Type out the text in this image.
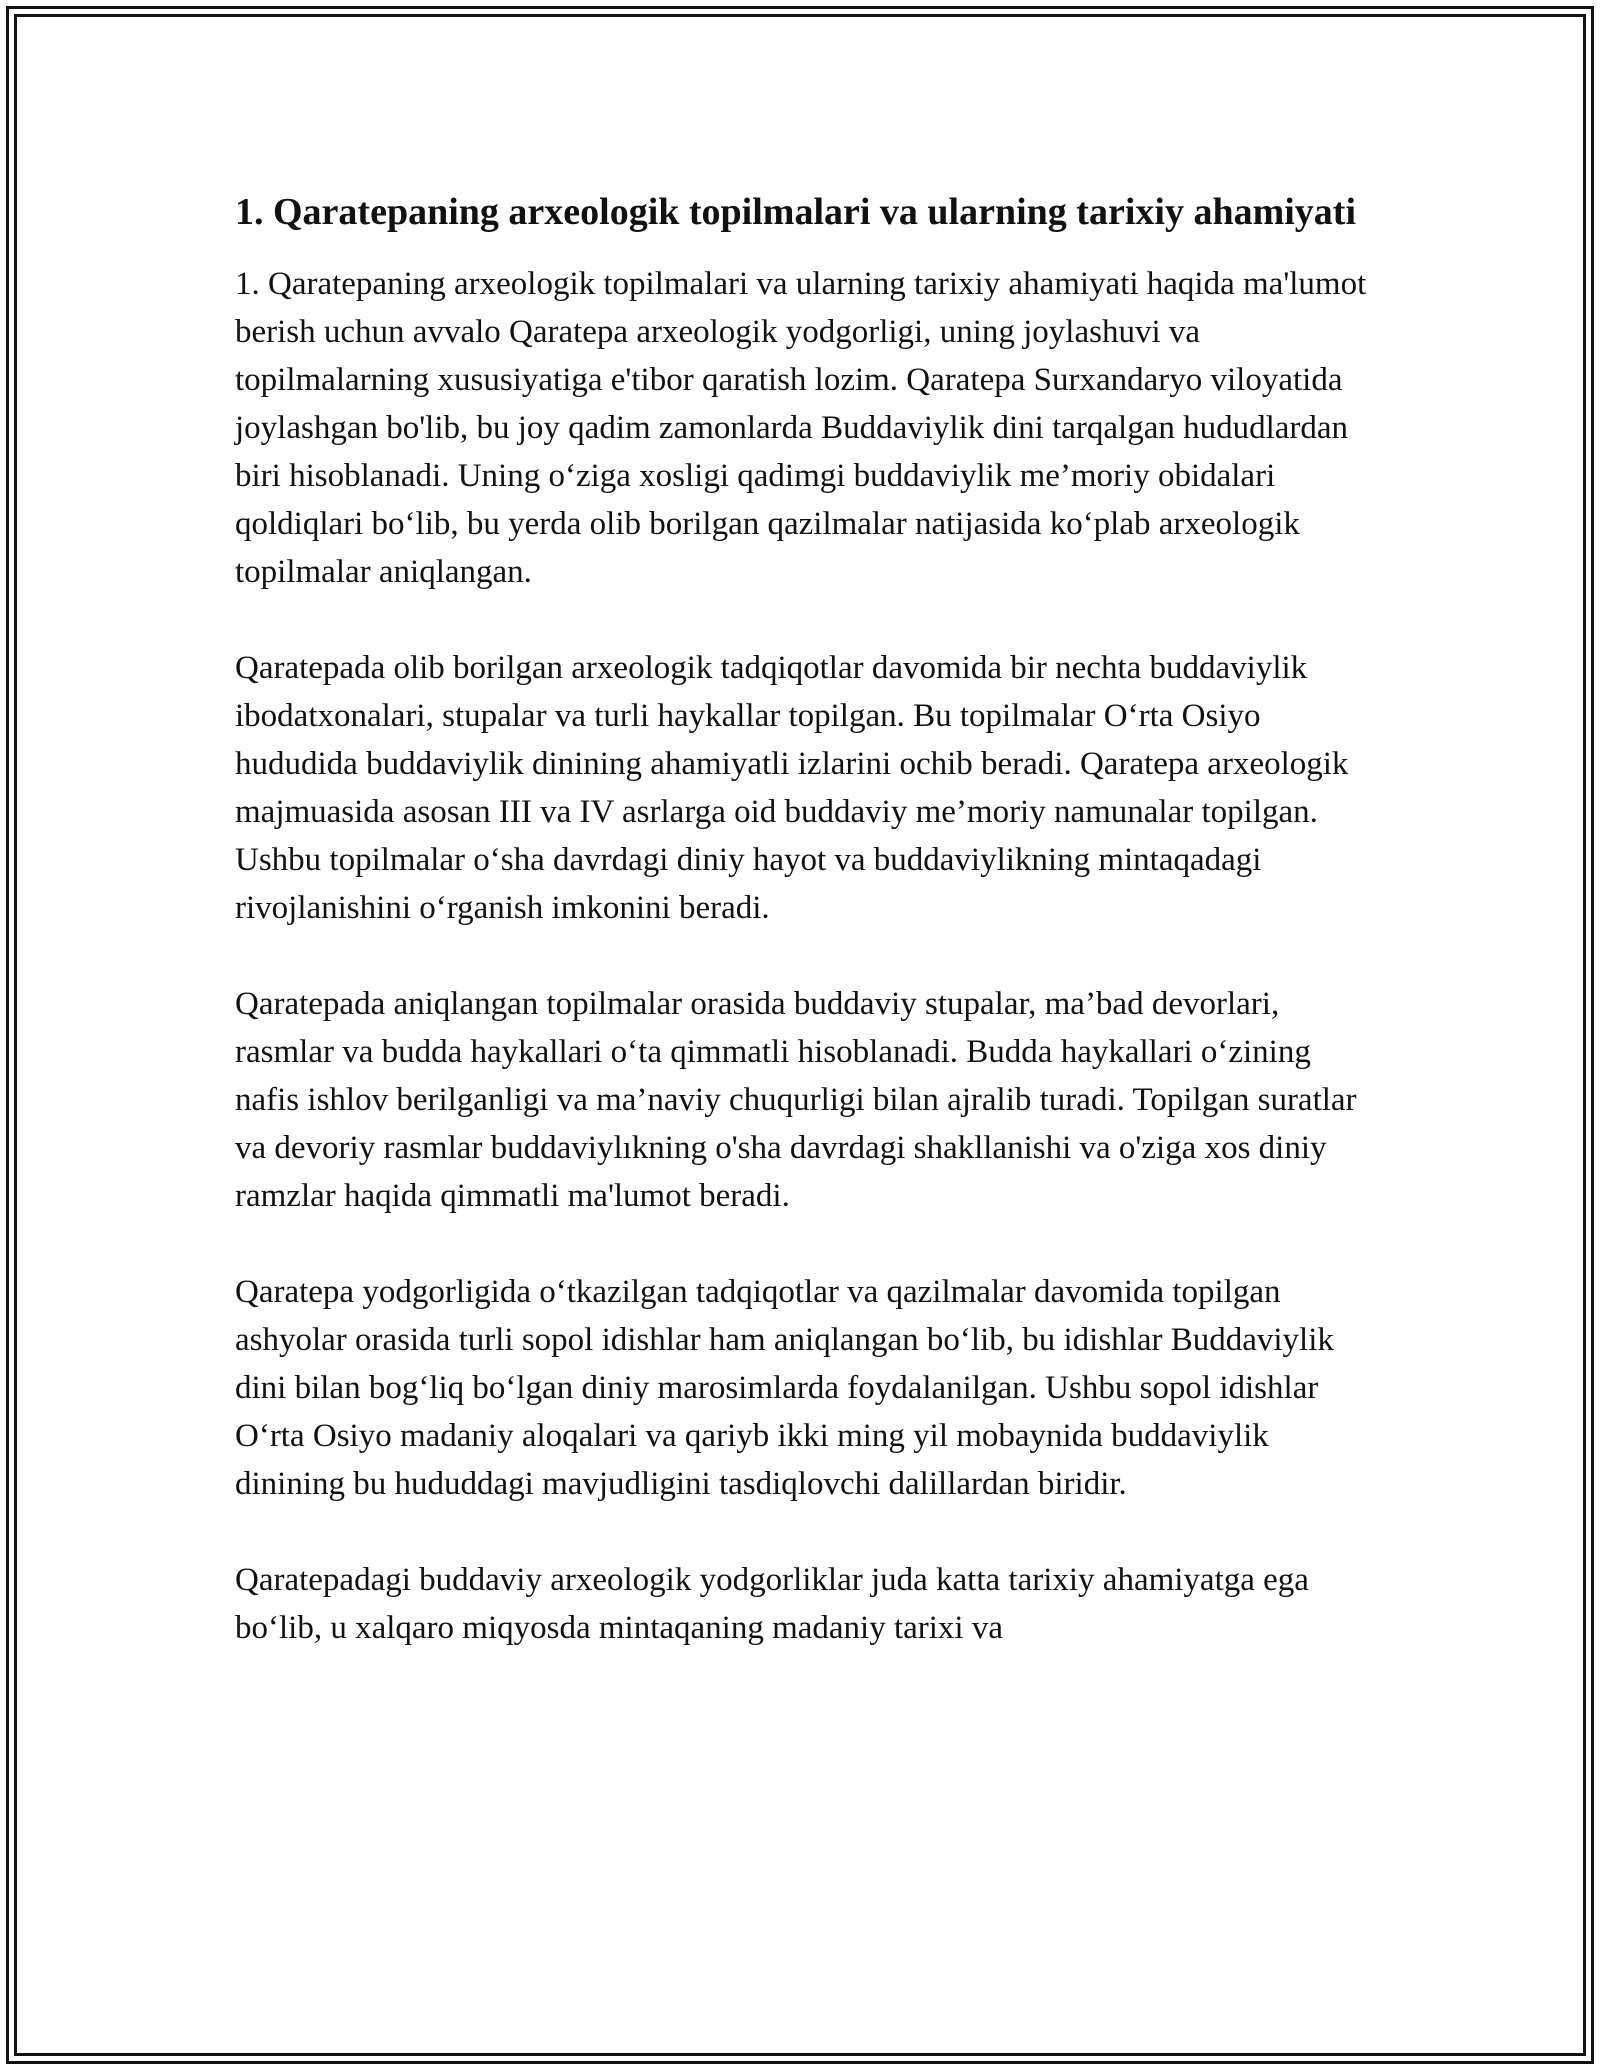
1. Qaratepaning arxeologik topilmalari va ularning tarixiy ahamiyati

1. Qaratepaning arxeologik topilmalari va ularning tarixiy ahamiyati haqida ma'lumot berish uchun avvalo Qaratepa arxeologik yodgorligi, uning joylashuvi va topilmalarning xususiyatiga e'tibor qaratish lozim. Qaratepa Surxandaryo viloyatida joylashgan bo'lib, bu joy qadim zamonlarda Buddaviylik dini tarqalgan hududlardan biri hisoblanadi. Uning o‘ziga xosligi qadimgi buddaviylik me’moriy obidalari qoldiqlari bo‘lib, bu yerda olib borilgan qazilmalar natijasida ko‘plab arxeologik topilmalar aniqlangan.

Qaratepada olib borilgan arxeologik tadqiqotlar davomida bir nechta buddaviylik ibodatxonalari, stupalar va turli haykallar topilgan. Bu topilmalar O‘rta Osiyo hududida buddaviylik dinining ahamiyatli izlarini ochib beradi. Qaratepa arxeologik majmuasida asosan III va IV asrlarga oid buddaviy me’moriy namunalar topilgan. Ushbu topilmalar o‘sha davrdagi diniy hayot va buddaviylikning mintaqadagi rivojlanishini o‘rganish imkonini beradi.

Qaratepada aniqlangan topilmalar orasida buddaviy stupalar, ma’bad devorlari, rasmlar va budda haykallari o‘ta qimmatli hisoblanadi. Budda haykallari o‘zining nafis ishlov berilganligi va ma’naviy chuqurligi bilan ajralib turadi. Topilgan suratlar va devoriy rasmlar buddaviylıkning o'sha davrdagi shakllanishi va o'ziga xos diniy ramzlar haqida qimmatli ma'lumot beradi.

Qaratepa yodgorligida o‘tkazilgan tadqiqotlar va qazilmalar davomida topilgan ashyolar orasida turli sopol idishlar ham aniqlangan bo‘lib, bu idishlar Buddaviylik dini bilan bog‘liq bo‘lgan diniy marosimlarda foydalanilgan. Ushbu sopol idishlar O‘rta Osiyo madaniy aloqalari va qariyb ikki ming yil mobaynida buddaviylik dinining bu hududdagi mavjudligini tasdiqlovchi dalillardan biridir.

Qaratepadagi buddaviy arxeologik yodgorliklar juda katta tarixiy ahamiyatga ega bo‘lib, u xalqaro miqyosda mintaqaning madaniy tarixi va
